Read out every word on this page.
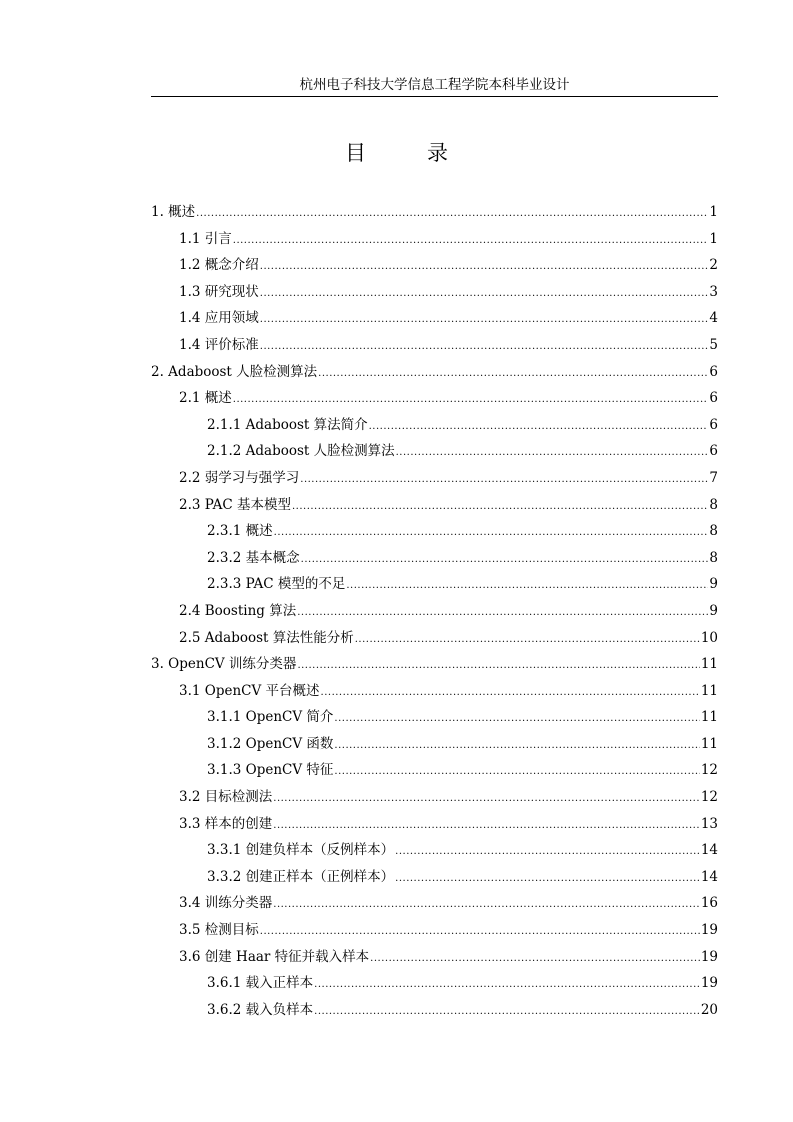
杭州电子科技大学信息工程学院本科毕业设计
目　录
1. 概述 .....	1
1.1 引言 .....	1
1.2 概念介绍 .....	2
1.3 研究现状 .....	3
1.4 应用领域 .....	4
1.4 评价标准 .....	5
2. Adaboost 人脸检测算法 .....	6
2.1 概述 .....	6
2.1.1 Adaboost 算法简介 .....	6
2.1.2 Adaboost 人脸检测算法 .....	6
2.2 弱学习与强学习 .....	7
2.3 PAC 基本模型 .....	8
2.3.1 概述 .....	8
2.3.2 基本概念 .....	8
2.3.3 PAC 模型的不足 .....	9
2.4 Boosting 算法 .....	9
2.5 Adaboost 算法性能分析 .....	10
3. OpenCV 训练分类器 .....	11
3.1 OpenCV 平台概述 .....	11
3.1.1 OpenCV 简介 .....	11
3.1.2 OpenCV 函数 .....	11
3.1.3 OpenCV 特征 .....	12
3.2 目标检测法 .....	12
3.3 样本的创建 .....	13
3.3.1 创建负样本（反例样本） .....	14
3.3.2 创建正样本（正例样本） .....	14
3.4 训练分类器 .....	16
3.5 检测目标 .....	19
3.6 创建 Haar 特征并载入样本 .....	19
3.6.1 载入正样本 .....	19
3.6.2 载入负样本 .....	20
